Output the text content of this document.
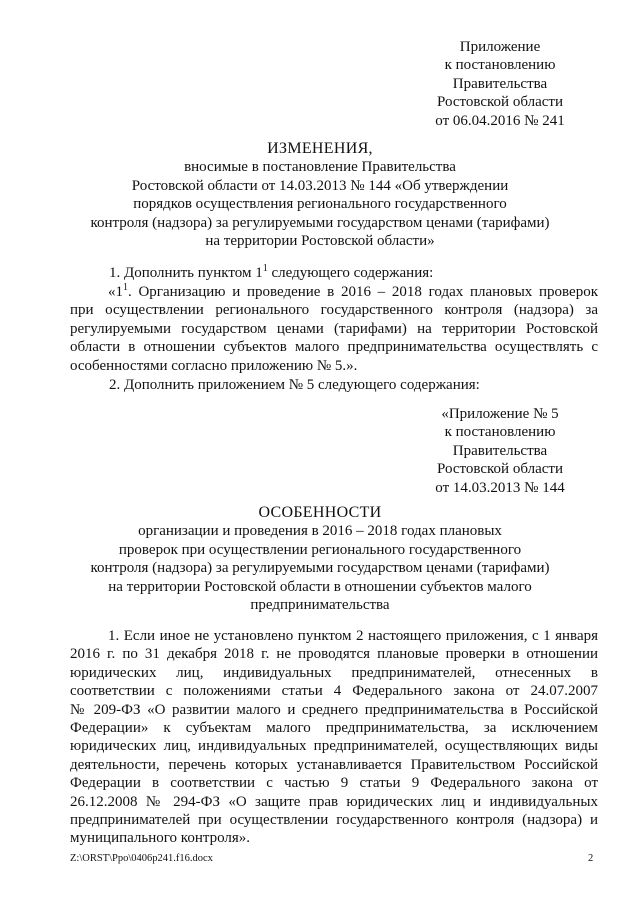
Приложение
к постановлению
Правительства
Ростовской области
от 06.04.2016 № 241
ИЗМЕНЕНИЯ,
вносимые в постановление Правительства
Ростовской области от 14.03.2013 № 144 «Об утверждении
порядков осуществления регионального государственного
контроля (надзора) за регулируемыми государством ценами (тарифами)
на территории Ростовской области»
1. Дополнить пунктом $1^1$ следующего содержания:
«$1^1$. Организацию и проведение в 2016 – 2018 годах плановых проверок
при осуществлении регионального государственного контроля (надзора) за
регулируемыми государством ценами (тарифами) на территории Ростовской
области в отношении субъектов малого предпринимательства осуществлять с
особенностями согласно приложению № 5.».
2. Дополнить приложением № 5 следующего содержания:
«Приложение № 5
к постановлению
Правительства
Ростовской области
от 14.03.2013 № 144
ОСОБЕННОСТИ
организации и проведения в 2016 – 2018 годах плановых
проверок при осуществлении регионального государственного
контроля (надзора) за регулируемыми государством ценами (тарифами)
на территории Ростовской области в отношении субъектов малого
предпринимательства
1. Если иное не установлено пунктом 2 настоящего приложения, с 1 января
2016 г. по 31 декабря 2018 г. не проводятся плановые проверки в отношении
юридических лиц, индивидуальных предпринимателей, отнесенных в
соответствии с положениями статьи 4 Федерального закона от 24.07.2007
№ 209-ФЗ «О развитии малого и среднего предпринимательства в Российской
Федерации» к субъектам малого предпринимательства, за исключением
юридических лиц, индивидуальных предпринимателей, осуществляющих виды
деятельности, перечень которых устанавливается Правительством Российской
Федерации в соответствии с частью 9 статьи 9 Федерального закона от
26.12.2008 № 294-ФЗ «О защите прав юридических лиц и индивидуальных
предпринимателей при осуществлении государственного контроля (надзора) и
муниципального контроля».
Z:\ORST\Ppo\0406p241.f16.docx	2
